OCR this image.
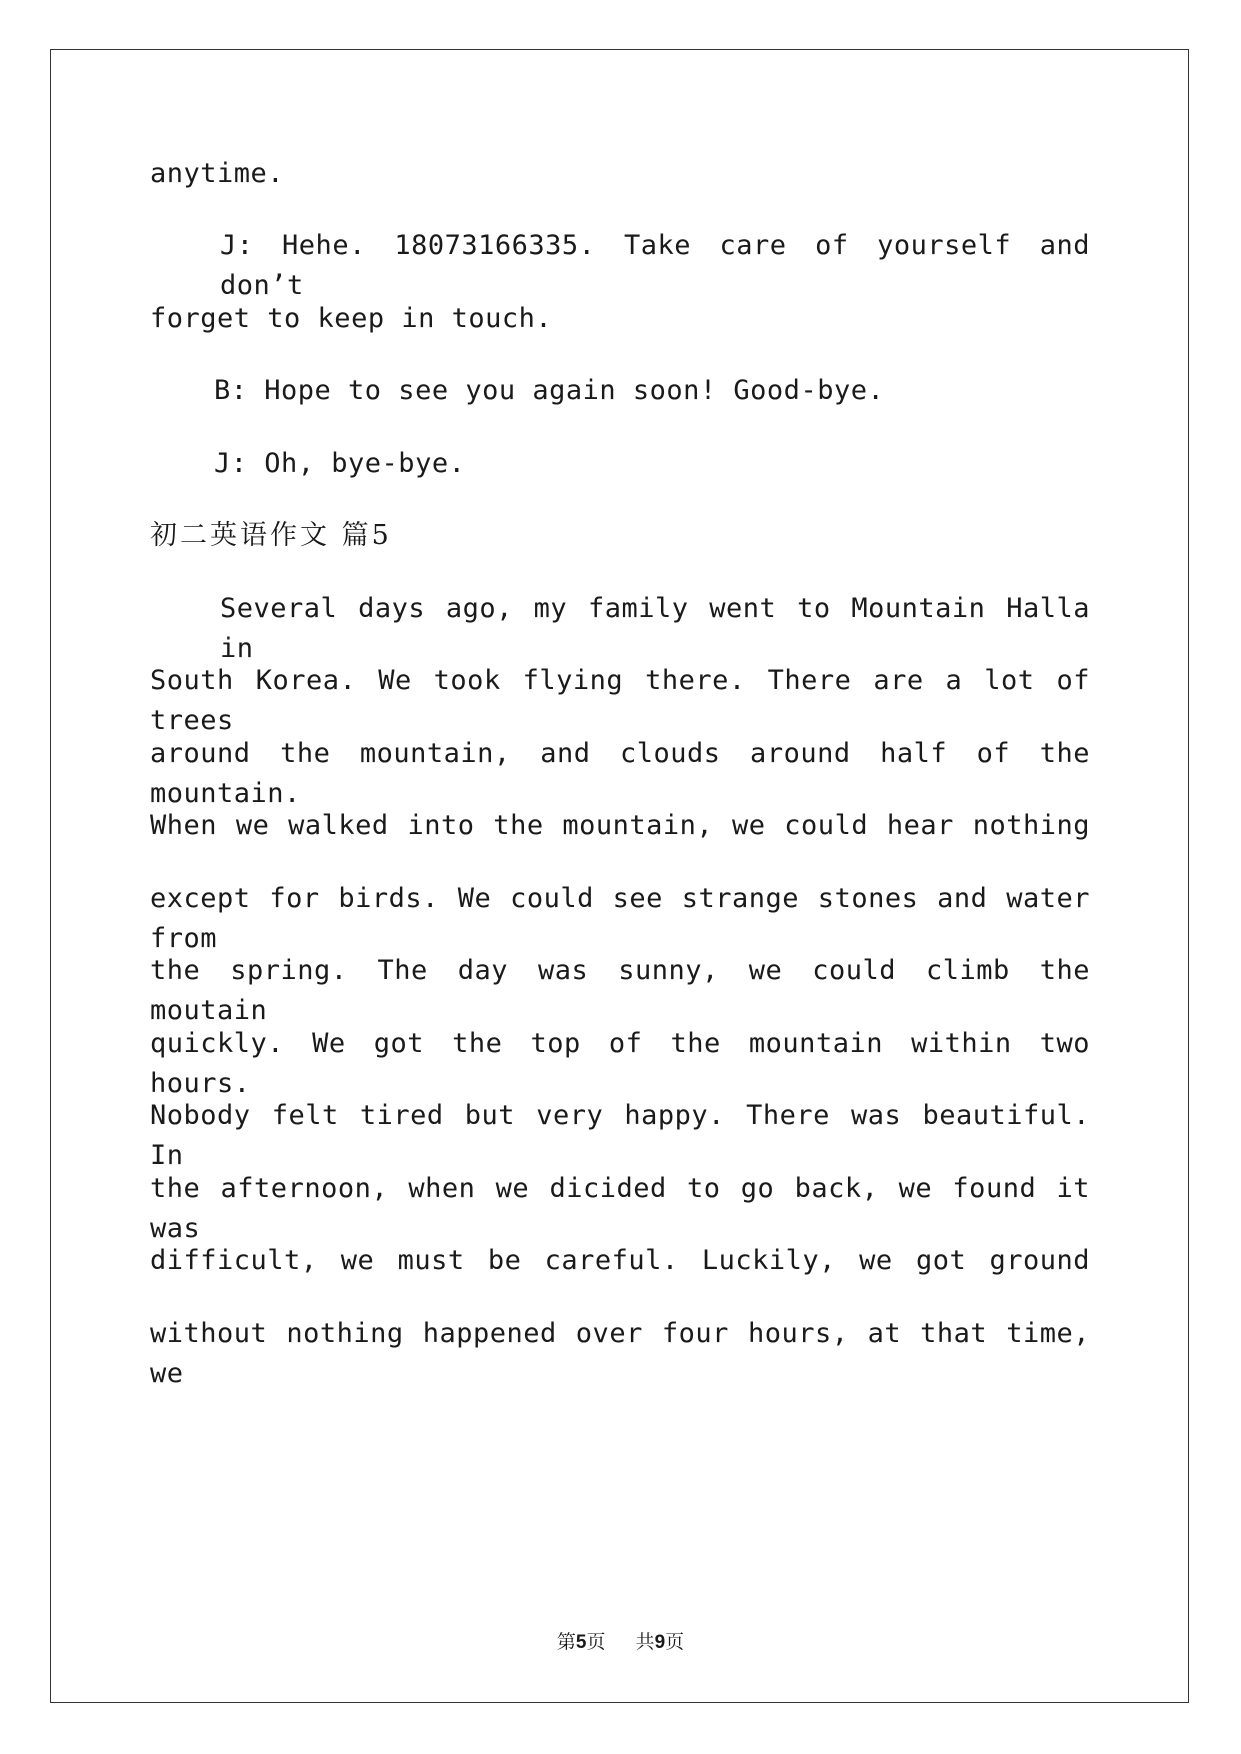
anytime.
J: Hehe. 18073166335. Take care of yourself and don’t
forget to keep in touch.
B: Hope to see you again soon! Good-bye.
J: Oh, bye-bye.
初二英语作文 篇5
Several days ago, my family went to Mountain Halla in
South Korea. We took flying there. There are a lot of trees
around the mountain, and clouds around half of the mountain.
When we walked into the mountain, we could hear nothing
except for birds. We could see strange stones and water from
the spring. The day was sunny, we could climb the moutain
quickly. We got the top of the mountain within two hours.
Nobody felt tired but very happy. There was beautiful. In
the afternoon, when we dicided to go back, we found it was
difficult, we must be careful. Luckily, we got ground
without nothing happened over four hours, at that time, we
第5页 共9页
